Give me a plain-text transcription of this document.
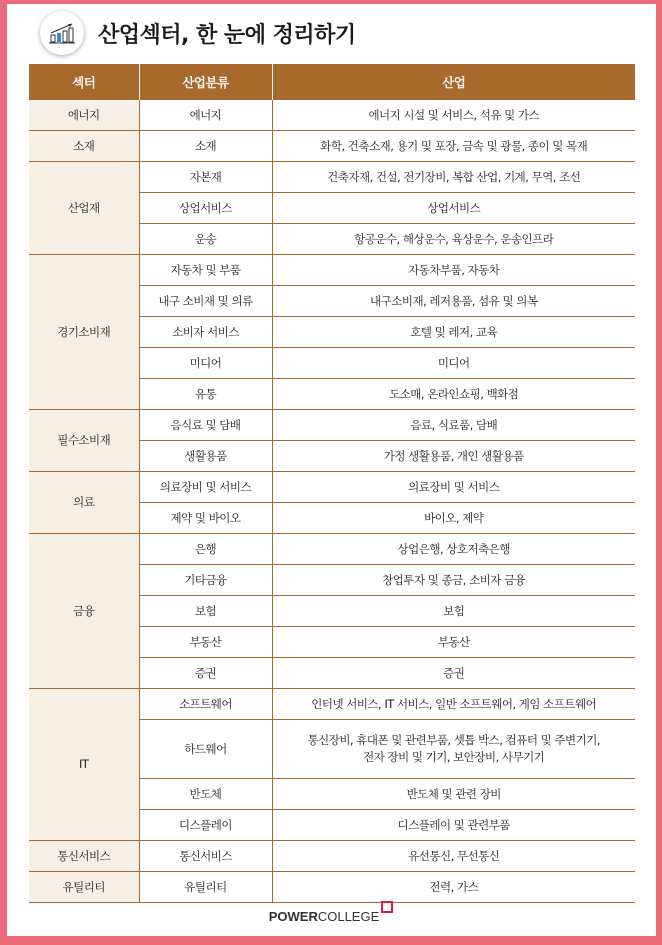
산업섹터, 한 눈에 정리하기
섹터	산업분류	산업
에너지	에너지	에너지 시설 및 서비스, 석유 및 가스
소재	소재	화학, 건축소재, 용기 및 포장, 금속 및 광물, 종이 및 목재
산업재	자본재	건축자재, 건설, 전기장비, 복합 산업, 기계, 무역, 조선
	상업서비스	상업서비스
	운송	항공운수, 해상운수, 육상운수, 운송인프라
경기소비재	자동차 및 부품	자동차부품, 자동차
	내구 소비재 및 의류	내구소비재, 레저용품, 섬유 및 의복
	소비자 서비스	호텔 및 레저, 교육
	미디어	미디어
	유통	도소매, 온라인쇼핑, 백화점
필수소비재	음식료 및 담배	음료, 식료품, 담배
	생활용품	가정 생활용품, 개인 생활용품
의료	의료장비 및 서비스	의료장비 및 서비스
	제약 및 바이오	바이오, 제약
금융	은행	상업은행, 상호저축은행
	기타금융	창업투자 및 종금, 소비자 금융
	보험	보험
	부동산	부동산
	증권	증권
IT	소프트웨어	인터넷 서비스, IT 서비스, 일반 소프트웨어, 게임 소프트웨어
	하드웨어	통신장비, 휴대폰 및 관련부품, 셋톱 박스, 컴퓨터 및 주변기기,
전자 장비 및 기기, 보안장비, 사무기기

	반도체	반도체 및 관련 장비
	디스플레이	디스플레이 및 관련부품
통신서비스	통신서비스	유선통신, 무선통신
유틸리티	유틸리티	전력, 가스
POWER COLLEGE
